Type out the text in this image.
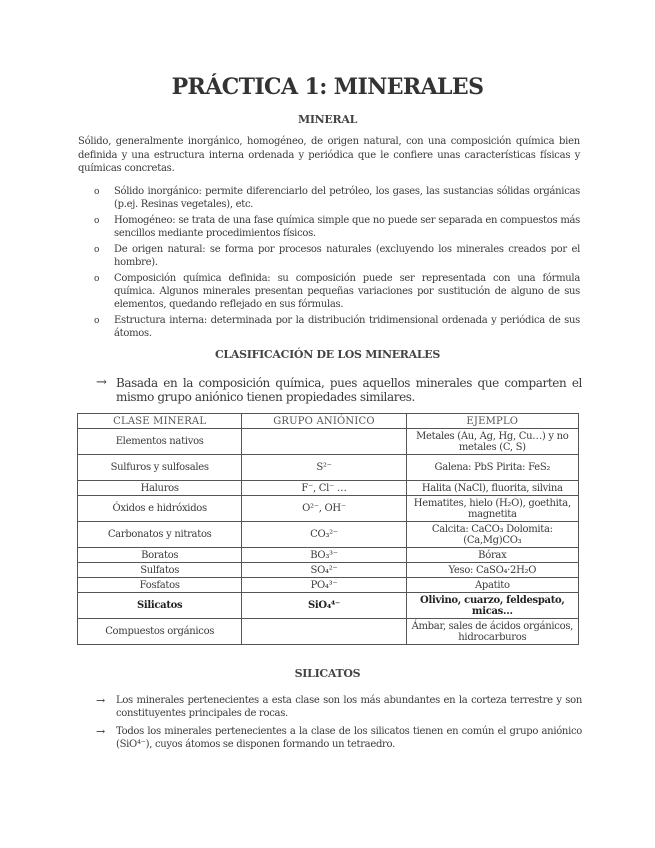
PRÁCTICA 1: MINERALES
MINERAL

Sólido, generalmente inorgánico, homogéneo, de origen natural, con una composición química bien definida y una estructura interna ordenada y periódica que le confiere unas características físicas y químicas concretas.

o Sólido inorgánico: permite diferenciarlo del petróleo, los gases, las sustancias sólidas orgánicas (p.ej. Resinas vegetales), etc.
o Homogéneo: se trata de una fase química simple que no puede ser separada en compuestos más sencillos mediante procedimientos físicos.
o De origen natural: se forma por procesos naturales (excluyendo los minerales creados por el hombre).
o Composición química definida: su composición puede ser representada con una fórmula química. Algunos minerales presentan pequeñas variaciones por sustitución de alguno de sus elementos, quedando reflejado en sus fórmulas.
o Estructura interna: determinada por la distribución tridimensional ordenada y periódica de sus átomos.
CLASIFICACIÓN DE LOS MINERALES
→ Basada en la composición química, pues aquellos minerales que comparten el mismo grupo aniónico tienen propiedades similares.
CLASE MINERAL	GRUPO ANIÓNICO	EJEMPLO
Elementos nativos		Metales (Au, Ag, Hg, Cu…) y no metales (C, S)
Sulfuros y sulfosales	S²⁻	Galena: PbS Pirita: FeS₂
Haluros	F⁻, Cl⁻ …	Halita (NaCl), fluorita, silvina
Óxidos e hidróxidos	O²⁻, OH⁻	Hematites, hielo (H₂O), goethita, magnetita
Carbonatos y nitratos	CO₃²⁻	Calcita: CaCO₃ Dolomita: (Ca,Mg)CO₃
Boratos	BO₃³⁻	Bórax
Sulfatos	SO₄²⁻	Yeso: CaSO₄·2H₂O
Fosfatos	PO₄³⁻	Apatito
Silicatos	SiO₄⁴⁻	Olivino, cuarzo, feldespato, micas…
Compuestos orgánicos		Ámbar, sales de ácidos orgánicos, hidrocarburos
SILICATOS
→ Los minerales pertenecientes a esta clase son los más abundantes en la corteza terrestre y son constituyentes principales de rocas.
→ Todos los minerales pertenecientes a la clase de los silicatos tienen en común el grupo aniónico (SiO⁴⁻), cuyos átomos se disponen formando un tetraedro.
